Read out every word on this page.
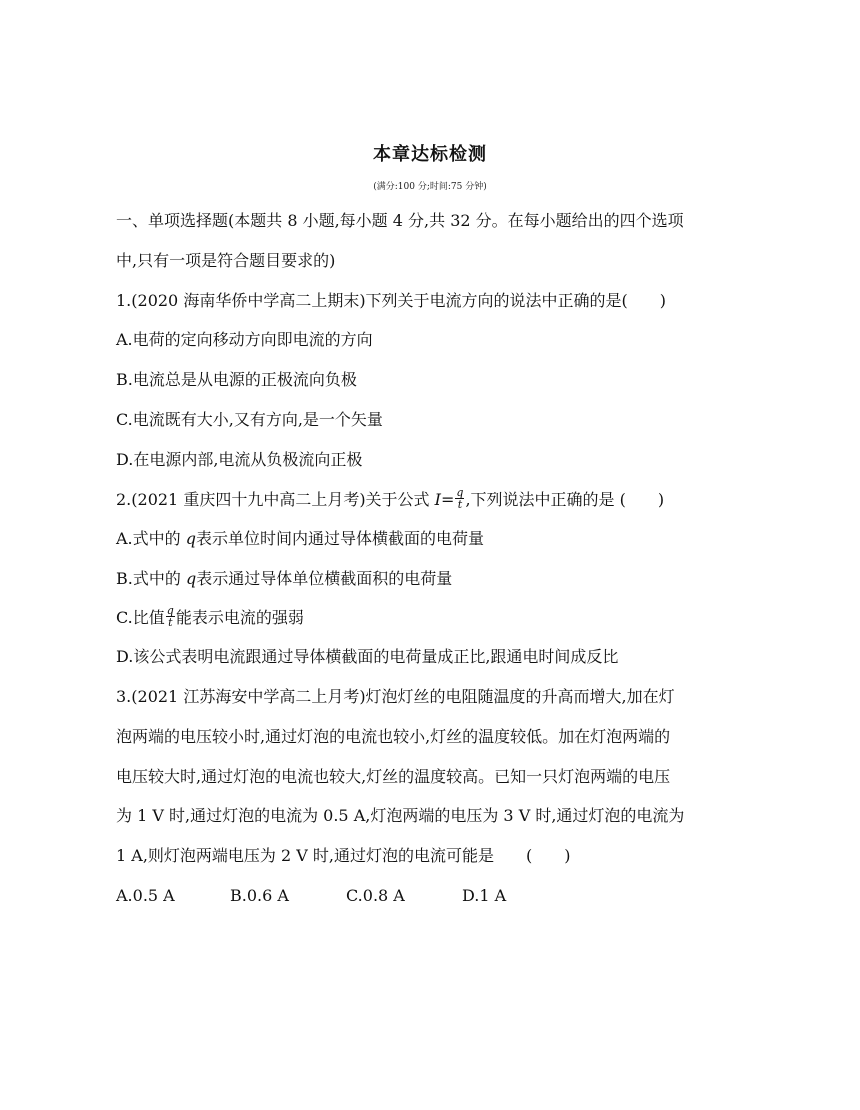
本章达标检测
(满分:100 分;时间:75 分钟)
一、单项选择题(本题共 8 小题,每小题 4 分,共 32 分。在每小题给出的四个选项
中,只有一项是符合题目要求的)
1.(2020 海南华侨中学高二上期末)下列关于电流方向的说法中正确的是(　　)
A.电荷的定向移动方向即电流的方向
B.电流总是从电源的正极流向负极
C.电流既有大小,又有方向,是一个矢量
D.在电源内部,电流从负极流向正极
2.(2021 重庆四十九中高二上月考)关于公式 $I= \frac{q}{t}$ ,下列说法中正确的是 (　　)
A.式中的 q表示单位时间内通过导体横截面的电荷量
B.式中的 q表示通过导体单位横截面积的电荷量
C.比值 $\frac{q}{t}$ 能表示电流的强弱
D.该公式表明电流跟通过导体横截面的电荷量成正比,跟通电时间成反比
3.(2021 江苏海安中学高二上月考)灯泡灯丝的电阻随温度的升高而增大,加在灯
泡两端的电压较小时,通过灯泡的电流也较小,灯丝的温度较低。加在灯泡两端的
电压较大时,通过灯泡的电流也较大,灯丝的温度较高。已知一只灯泡两端的电压
为 1 V 时,通过灯泡的电流为 0.5 A,灯泡两端的电压为 3 V 时,通过灯泡的电流为
1 A,则灯泡两端电压为 2 V 时,通过灯泡的电流可能是　　(　　)
A.0.5 A	B.0.6 A	C.0.8 A	D.1 A
